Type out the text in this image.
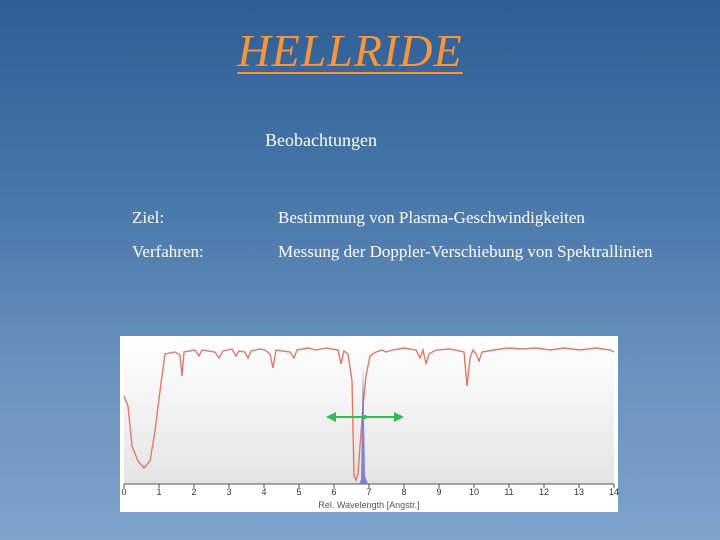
HELLRIDE
Beobachtungen
Ziel:	Bestimmung von Plasma-Geschwindigkeiten
Verfahren:	Messung der Doppler-Verschiebung von Spektrallinien
0	1	2	3	4	5	6	7	8	9	10	11	12	13	14
Rel. Wavelength [Angstr.]
